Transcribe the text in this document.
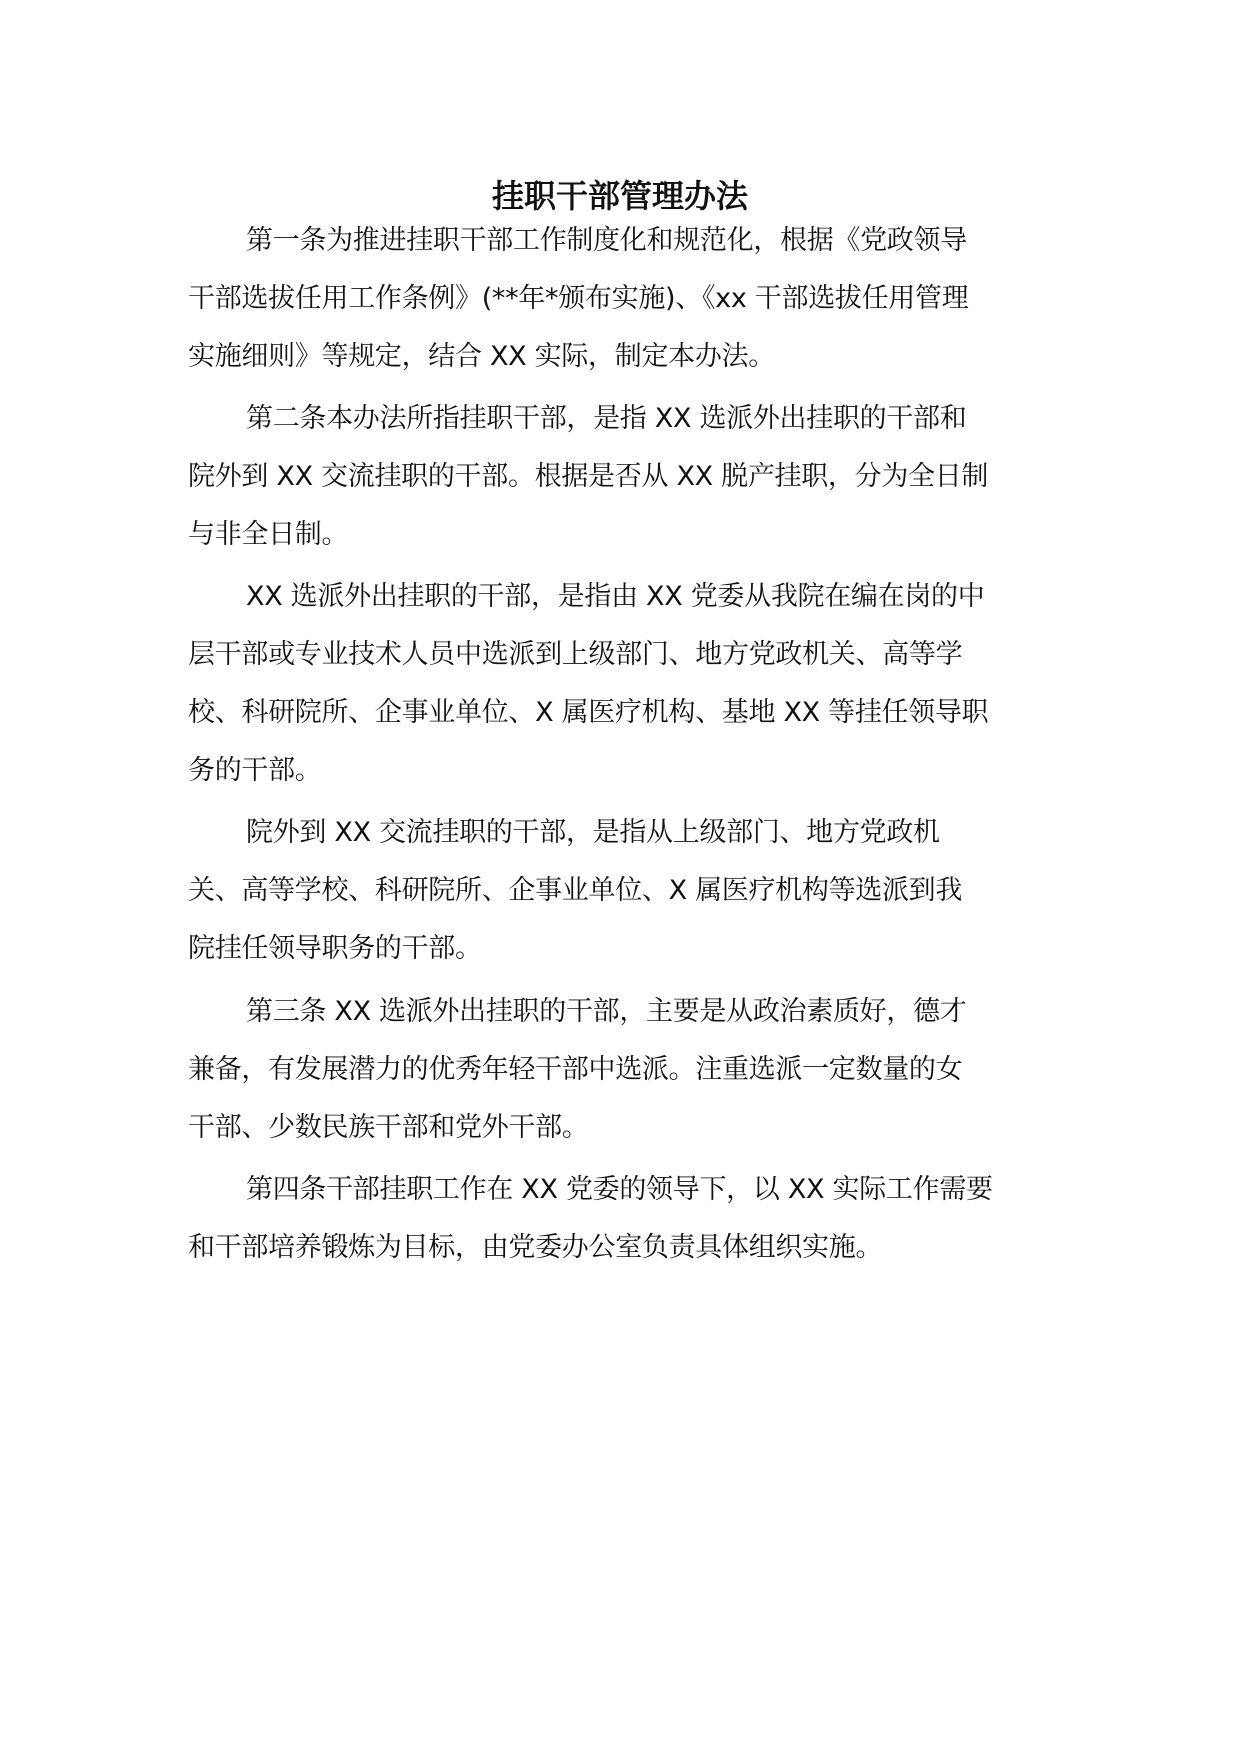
挂职干部管理办法
第一条为推进挂职干部工作制度化和规范化，根据《党政领导
干部选拔任用工作条例》(**年*颁布实施)、《xx 干部选拔任用管理
实施细则》等规定，结合 XX 实际，制定本办法。
第二条本办法所指挂职干部，是指 XX 选派外出挂职的干部和
院外到 XX 交流挂职的干部。根据是否从 XX 脱产挂职，分为全日制
与非全日制。
XX 选派外出挂职的干部，是指由 XX 党委从我院在编在岗的中
层干部或专业技术人员中选派到上级部门、地方党政机关、高等学
校、科研院所、企事业单位、X 属医疗机构、基地 XX 等挂任领导职
务的干部。
院外到 XX 交流挂职的干部，是指从上级部门、地方党政机
关、高等学校、科研院所、企事业单位、X 属医疗机构等选派到我
院挂任领导职务的干部。
第三条 XX 选派外出挂职的干部，主要是从政治素质好，德才
兼备，有发展潜力的优秀年轻干部中选派。注重选派一定数量的女
干部、少数民族干部和党外干部。
第四条干部挂职工作在 XX 党委的领导下，以 XX 实际工作需要
和干部培养锻炼为目标，由党委办公室负责具体组织实施。
